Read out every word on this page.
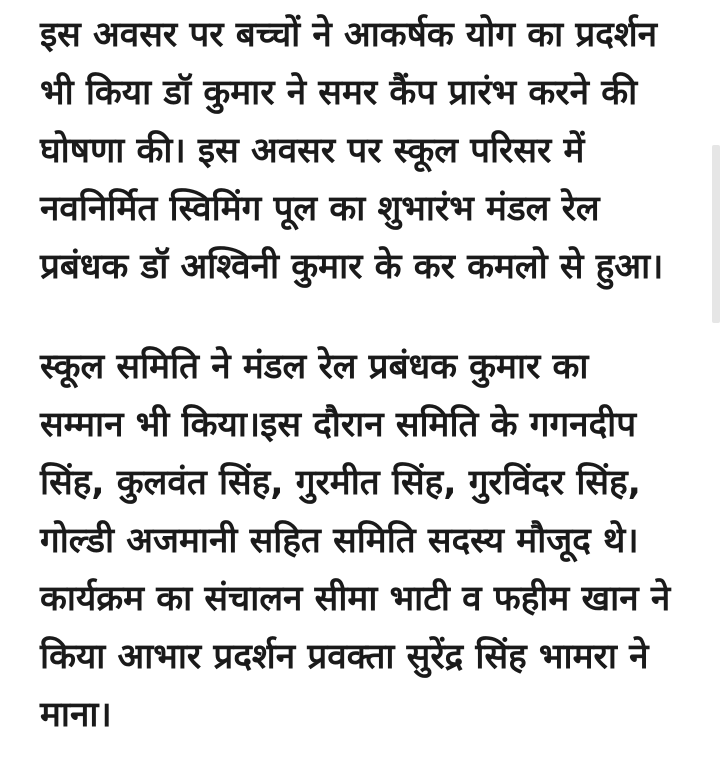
इस अवसर पर बच्चों ने आकर्षक योग का प्रदर्शन
भी किया डॉ कुमार ने समर कैंप प्रारंभ करने की
घोषणा की। इस अवसर पर स्कूल परिसर में
नवनिर्मित स्विमिंग पूल का शुभारंभ मंडल रेल
प्रबंधक डॉ अश्विनी कुमार के कर कमलो से हुआ।

स्कूल समिति ने मंडल रेल प्रबंधक कुमार का
सम्मान भी किया।इस दौरान समिति के गगनदीप
सिंह, कुलवंत सिंह, गुरमीत सिंह, गुरविंदर सिंह,
गोल्डी अजमानी सहित समिति सदस्य मौजूद थे।
कार्यक्रम का संचालन सीमा भाटी व फहीम खान ने
किया आभार प्रदर्शन प्रवक्ता सुरेंद्र सिंह भामरा ने
माना।
